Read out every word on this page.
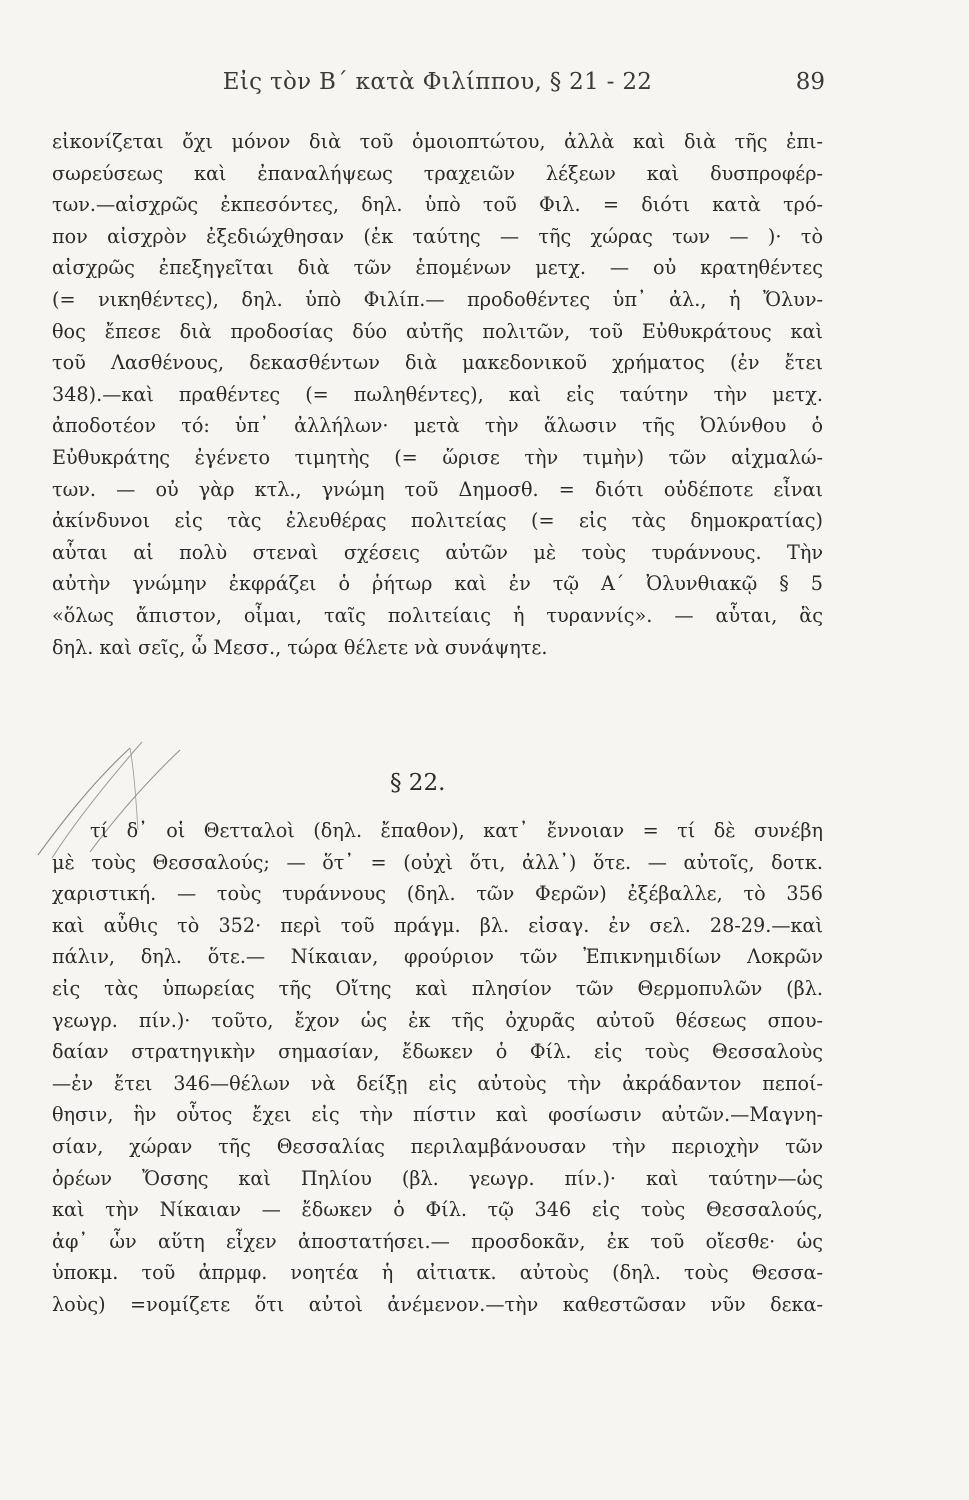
Εἰς τὸν Β΄ κατὰ Φιλίππου, § 21 - 22	89
εἰκονίζεται ὄχι μόνον διὰ τοῦ ὁμοιοπτώτου, ἀλλὰ καὶ διὰ τῆς ἐπι-
σωρεύσεως καὶ ἐπαναλήψεως τραχειῶν λέξεων καὶ δυσπροφέρ-
των.—αἰσχρῶς ἐκπεσόντες, δηλ. ὑπὸ τοῦ Φιλ. = διότι κατὰ τρό-
πον αἰσχρὸν ἐξεδιώχθησαν (ἐκ ταύτης — τῆς χώρας των — )· τὸ
αἰσχρῶς ἐπεξηγεῖται διὰ τῶν ἑπομένων μετχ. — οὐ κρατηθέντες
(= νικηθέντες), δηλ. ὑπὸ Φιλίπ.— προδοθέντες ὑπ᾽ ἀλ., ἡ Ὄλυν-
θος ἔπεσε διὰ προδοσίας δύο αὐτῆς πολιτῶν, τοῦ Εὐθυκράτους καὶ
τοῦ Λασθένους, δεκασθέντων διὰ μακεδονικοῦ χρήματος (ἐν ἔτει
348).—καὶ πραθέντες (= πωληθέντες), καὶ εἰς ταύτην τὴν μετχ.
ἀποδοτέον τό: ὑπ᾽ ἀλλήλων· μετὰ τὴν ἅλωσιν τῆς Ὀλύνθου ὁ
Εὐθυκράτης ἐγένετο τιμητὴς (= ὥρισε τὴν τιμὴν) τῶν αἰχμαλώ-
των. — οὐ γὰρ κτλ., γνώμη τοῦ Δημοσθ. = διότι οὐδέποτε εἶναι
ἀκίνδυνοι εἰς τὰς ἐλευθέρας πολιτείας (= εἰς τὰς δημοκρατίας)
αὗται αἱ πολὺ στεναὶ σχέσεις αὐτῶν μὲ τοὺς τυράννους. Τὴν
αὐτὴν γνώμην ἐκφράζει ὁ ῥήτωρ καὶ ἐν τῷ Α΄ Ὀλυνθιακῷ § 5
«ὅλως ἄπιστον, οἶμαι, ταῖς πολιτείαις ἡ τυραννίς». — αὗται, ἃς
δηλ. καὶ σεῖς, ὦ Μεσσ., τώρα θέλετε νὰ συνάψητε.
§ 22.
τί δ᾽ οἱ Θετταλοὶ (δηλ. ἔπαθον), κατ᾽ ἔννοιαν = τί δὲ συνέβη
μὲ τοὺς Θεσσαλούς; — ὅτ᾽ = (οὐχὶ ὅτι, ἀλλ᾽) ὅτε. — αὐτοῖς, δοτκ.
χαριστική. — τοὺς τυράννους (δηλ. τῶν Φερῶν) ἐξέβαλλε, τὸ 356
καὶ αὖθις τὸ 352· περὶ τοῦ πράγμ. βλ. εἰσαγ. ἐν σελ. 28-29.—καὶ
πάλιν, δηλ. ὅτε.— Νίκαιαν, φρούριον τῶν Ἐπικνημιδίων Λοκρῶν
εἰς τὰς ὑπωρείας τῆς Οἴτης καὶ πλησίον τῶν Θερμοπυλῶν (βλ.
γεωγρ. πίν.)· τοῦτο, ἔχον ὡς ἐκ τῆς ὀχυρᾶς αὐτοῦ θέσεως σπου-
δαίαν στρατηγικὴν σημασίαν, ἔδωκεν ὁ Φίλ. εἰς τοὺς Θεσσαλοὺς
—ἐν ἔτει 346—θέλων νὰ δείξῃ εἰς αὐτοὺς τὴν ἀκράδαντον πεποί-
θησιν, ἣν οὗτος ἔχει εἰς τὴν πίστιν καὶ φοσίωσιν αὐτῶν.—Μαγνη-
σίαν, χώραν τῆς Θεσσαλίας περιλαμβάνουσαν τὴν περιοχὴν τῶν
ὀρέων Ὄσσης καὶ Πηλίου (βλ. γεωγρ. πίν.)· καὶ ταύτην—ὡς
καὶ τὴν Νίκαιαν — ἔδωκεν ὁ Φίλ. τῷ 346 εἰς τοὺς Θεσσαλούς,
ἀφ᾽ ὧν αὕτη εἶχεν ἀποστατήσει.— προσδοκᾶν, ἐκ τοῦ οἴεσθε· ὡς
ὑποκμ. τοῦ ἀπρμφ. νοητέα ἡ αἰτιατκ. αὐτοὺς (δηλ. τοὺς Θεσσα-
λοὺς) =νομίζετε ὅτι αὐτοὶ ἀνέμενον.—τὴν καθεστῶσαν νῦν δεκα-
